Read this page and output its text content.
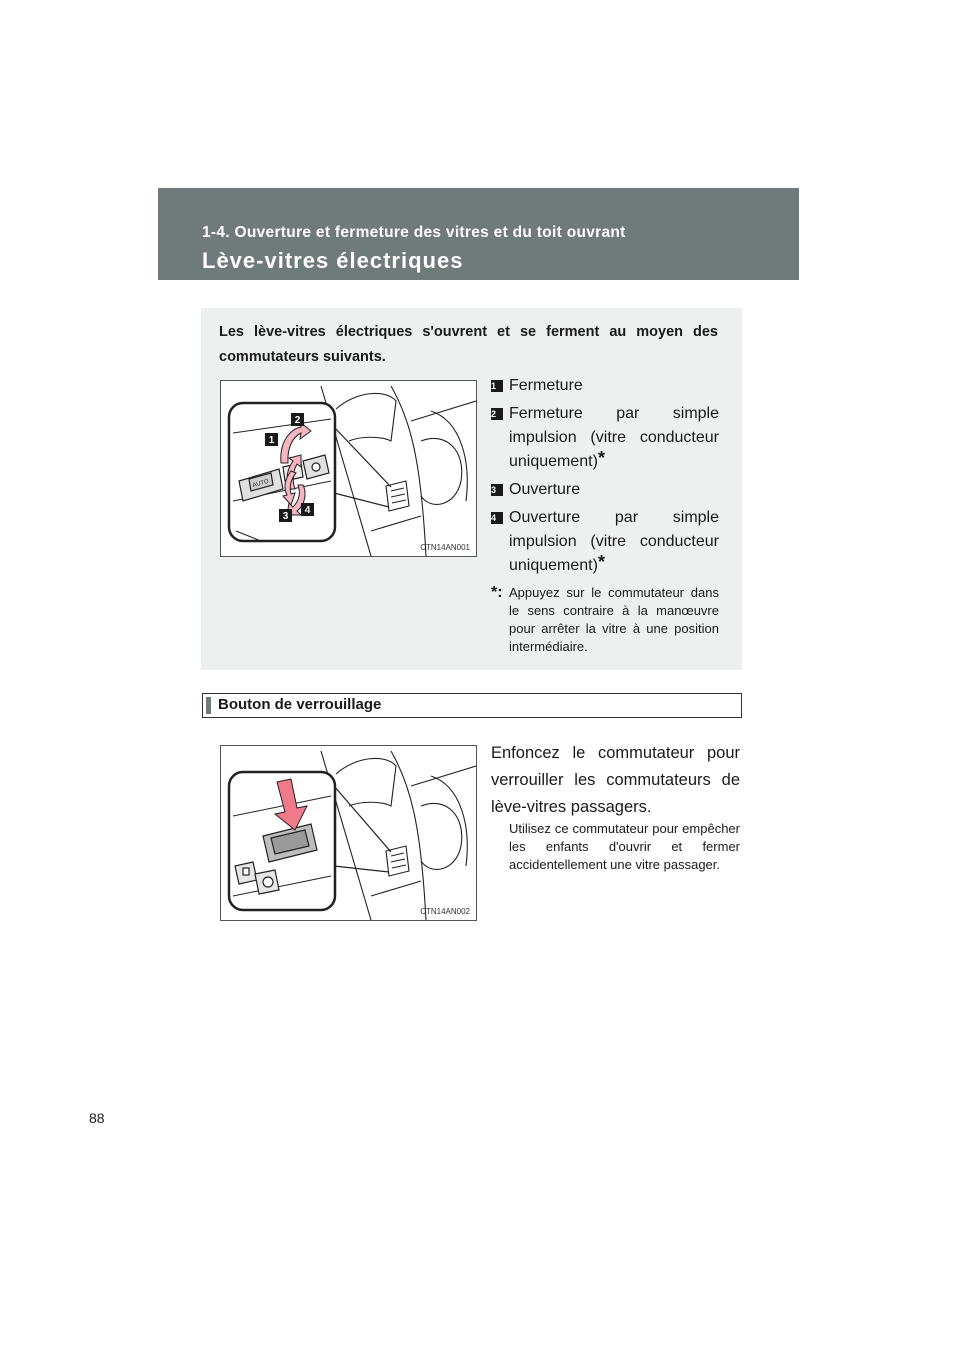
1-4. Ouverture et fermeture des vitres et du toit ouvrant
Lève-vitres électriques
Les lève-vitres électriques s'ouvrent et se ferment au moyen des commutateurs suivants.
AUTO
1
2
3
4
CTN14AN001
1 Fermeture
2 Fermeture par simple impulsion (vitre conducteur uniquement)*
3 Ouverture
4 Ouverture par simple impulsion (vitre conducteur uniquement)*
*: Appuyez sur le commutateur dans le sens contraire à la manœuvre pour arrêter la vitre à une position intermédiaire.
Bouton de verrouillage
CTN14AN002
Enfoncez le commutateur pour verrouiller les commutateurs de lève-vitres passagers.
Utilisez ce commutateur pour empêcher les enfants d'ouvrir et fermer accidentellement une vitre passager.
88
